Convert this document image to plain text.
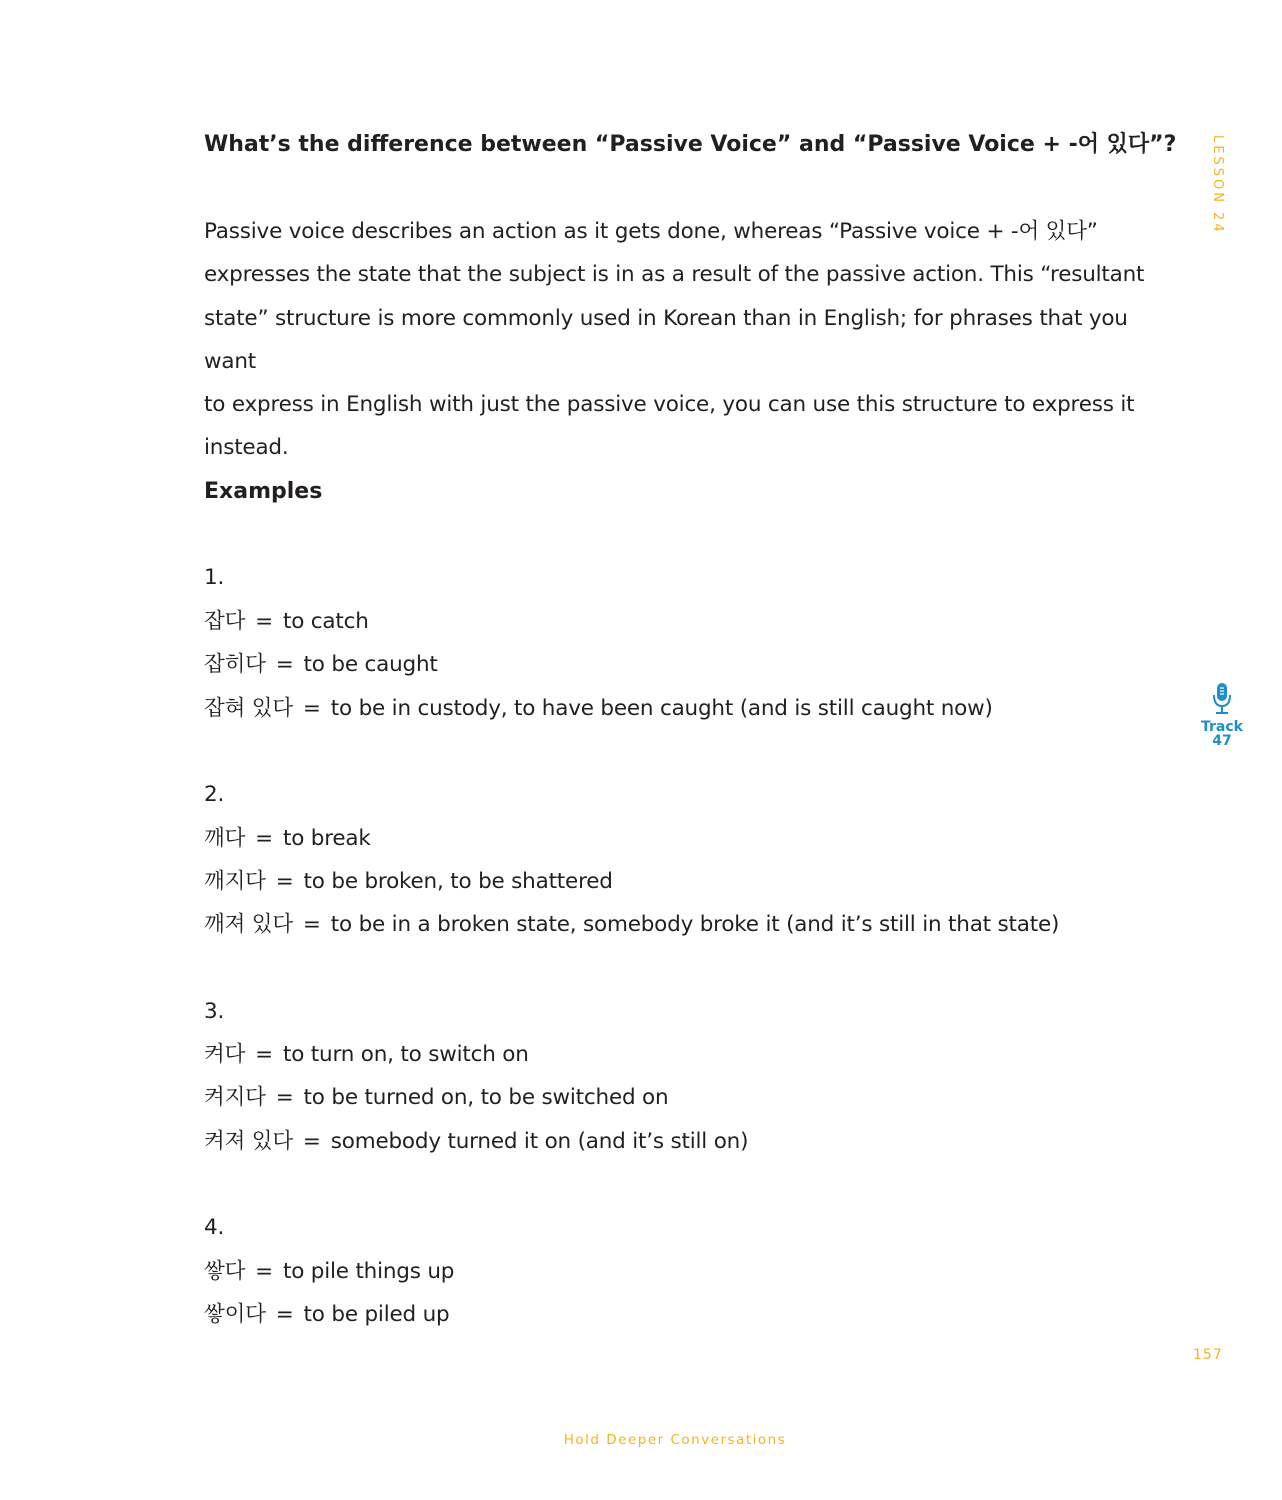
What’s the difference between “Passive Voice” and “Passive Voice + -어 있다”?
Passive voice describes an action as it gets done, whereas “Passive voice + -어 있다”
expresses the state that the subject is in as a result of the passive action. This “resultant
state” structure is more commonly used in Korean than in English; for phrases that you want
to express in English with just the passive voice, you can use this structure to express it
instead.
Examples
1.
잡다 = to catch
잡히다 = to be caught
잡혀 있다 = to be in custody, to have been caught (and is still caught now)
2.
깨다 = to break
깨지다 = to be broken, to be shattered
깨져 있다 = to be in a broken state, somebody broke it (and it’s still in that state)
3.
켜다 = to turn on, to switch on
켜지다 = to be turned on, to be switched on
켜져 있다 = somebody turned it on (and it’s still on)
4.
쌓다 = to pile things up
쌓이다 = to be piled up
LESSON 24
Track
47
157
Hold Deeper Conversations
